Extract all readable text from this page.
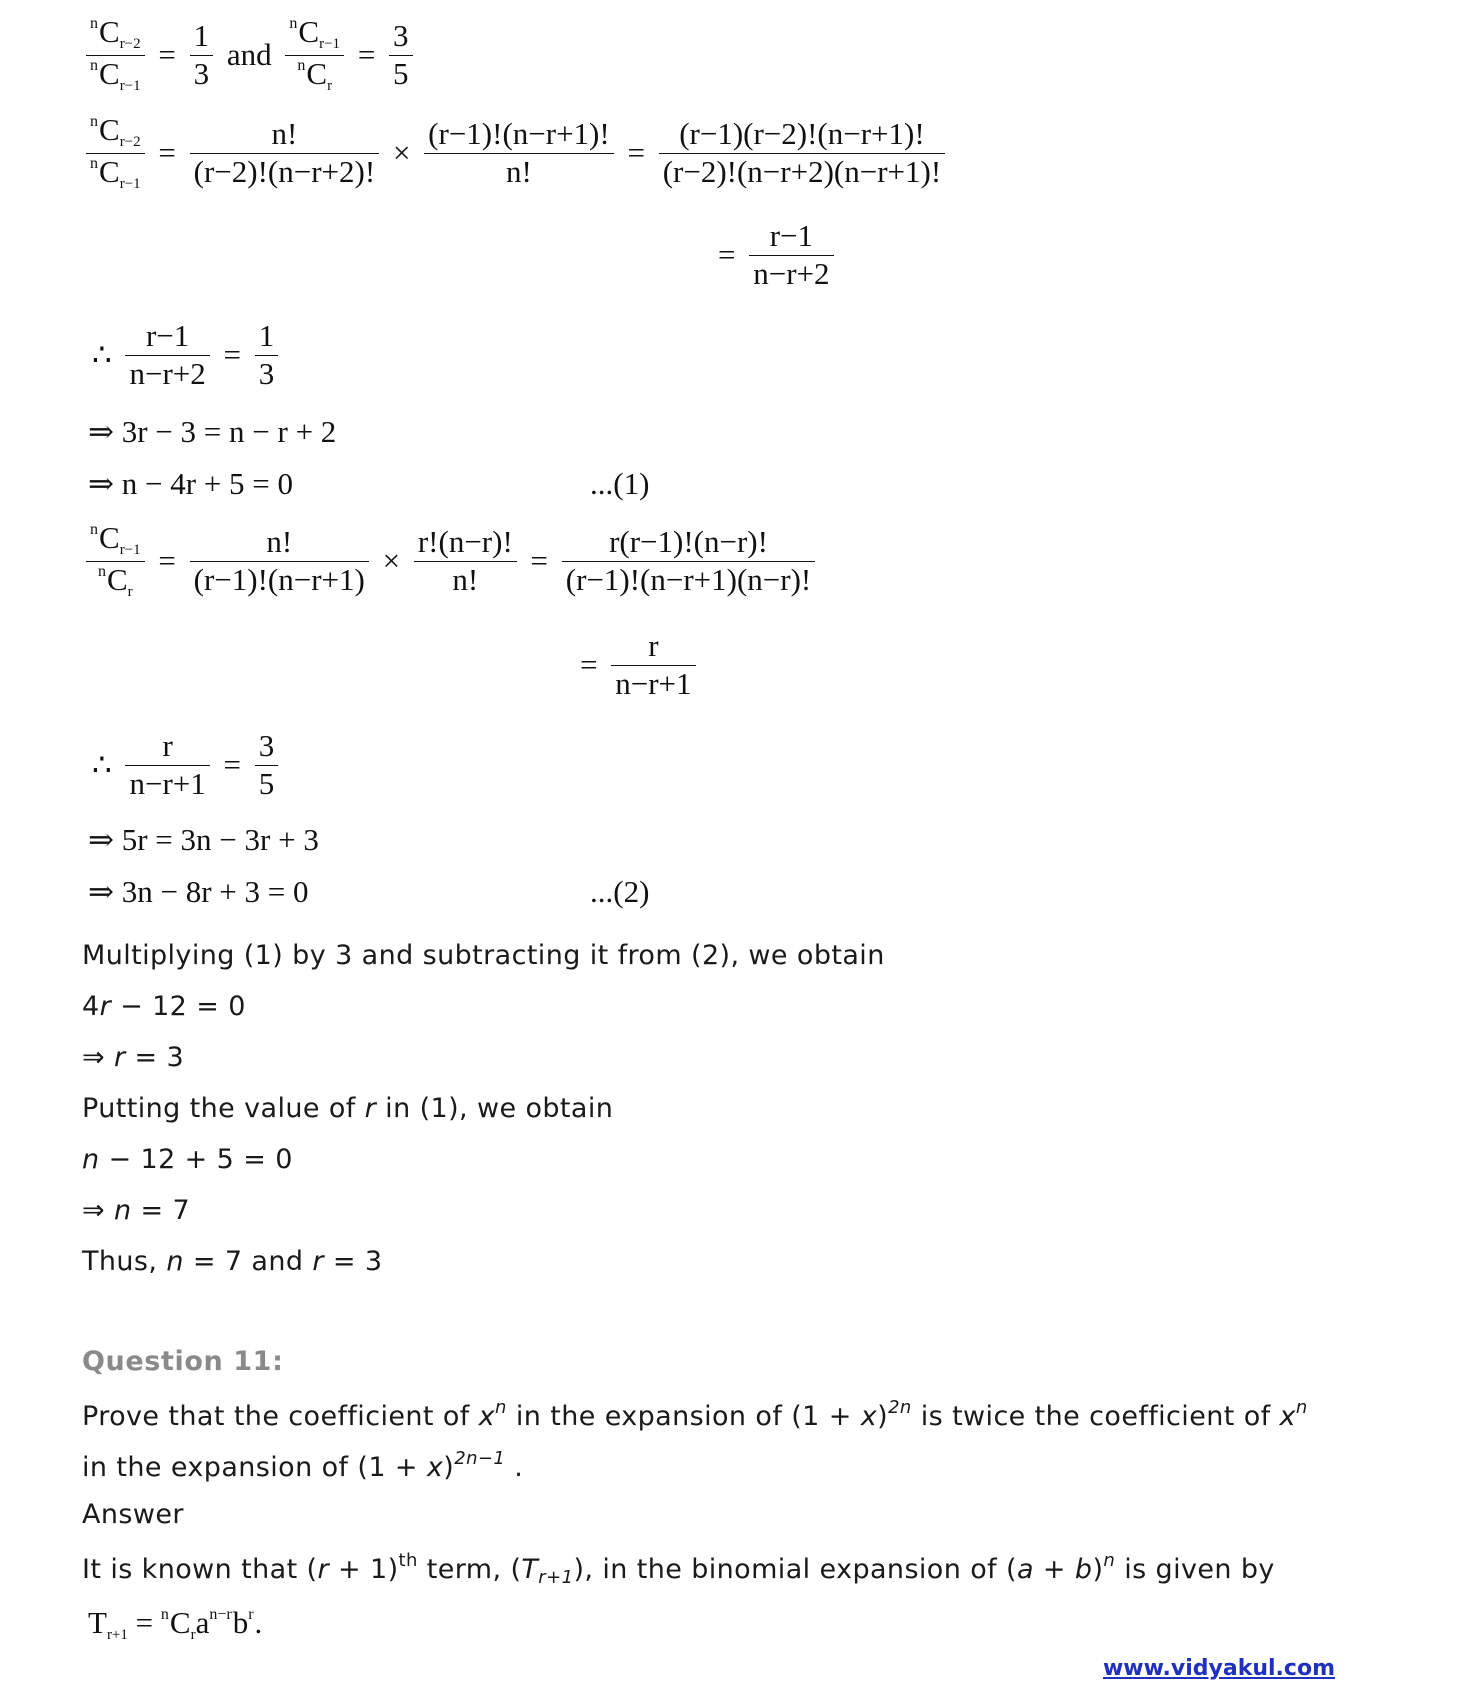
$\frac{^nC_{r-2}}{^nC_{r-1}} = \frac{1}{3}$ and $\frac{^nC_{r-1}}{^nC_r} = \frac{3}{5}$
$\frac{^nC_{r-2}}{^nC_{r-1}} = \frac{n!}{(r-2)!(n-r+2)!} \times \frac{(r-1)!(n-r+1)!}{n!} = \frac{(r-1)(r-2)!(n-r+1)!}{(r-2)!(n-r+2)(n-r+1)!}$
= $\frac{r-1}{n-r+2}$
∴ $\frac{r-1}{n-r+2} = \frac{1}{3}$
⇒ 3r − 3 = n − r + 2
⇒ n − 4r + 5 = 0	...(1)
$\frac{^nC_{r-1}}{^nC_r} = \frac{n!}{(r-1)!(n-r+1)} \times \frac{r!(n-r)!}{n!} = \frac{r(r-1)!(n-r)!}{(r-1)!(n-r+1)(n-r)!}$
= $\frac{r}{n-r+1}$
∴ $\frac{r}{n-r+1} = \frac{3}{5}$
⇒ 5r = 3n − 3r + 3
⇒ 3n − 8r + 3 = 0	...(2)
Multiplying (1) by 3 and subtracting it from (2), we obtain
4r − 12 = 0
⇒ r = 3
Putting the value of r in (1), we obtain
n − 12 + 5 = 0
⇒ n = 7
Thus, n = 7 and r = 3
Question 11:
Prove that the coefficient of $x^n$ in the expansion of $(1 + x)^{2n}$ is twice the coefficient of $x^n$
in the expansion of $(1 + x)^{2n-1}$ .
Answer
It is known that $(r + 1)^{th}$ term, $(T_{r+1})$, in the binomial expansion of $(a + b)^n$ is given by
$T_{r+1} = ^nC_ra^{n-r}b^r$.
www.vidyakul.com
